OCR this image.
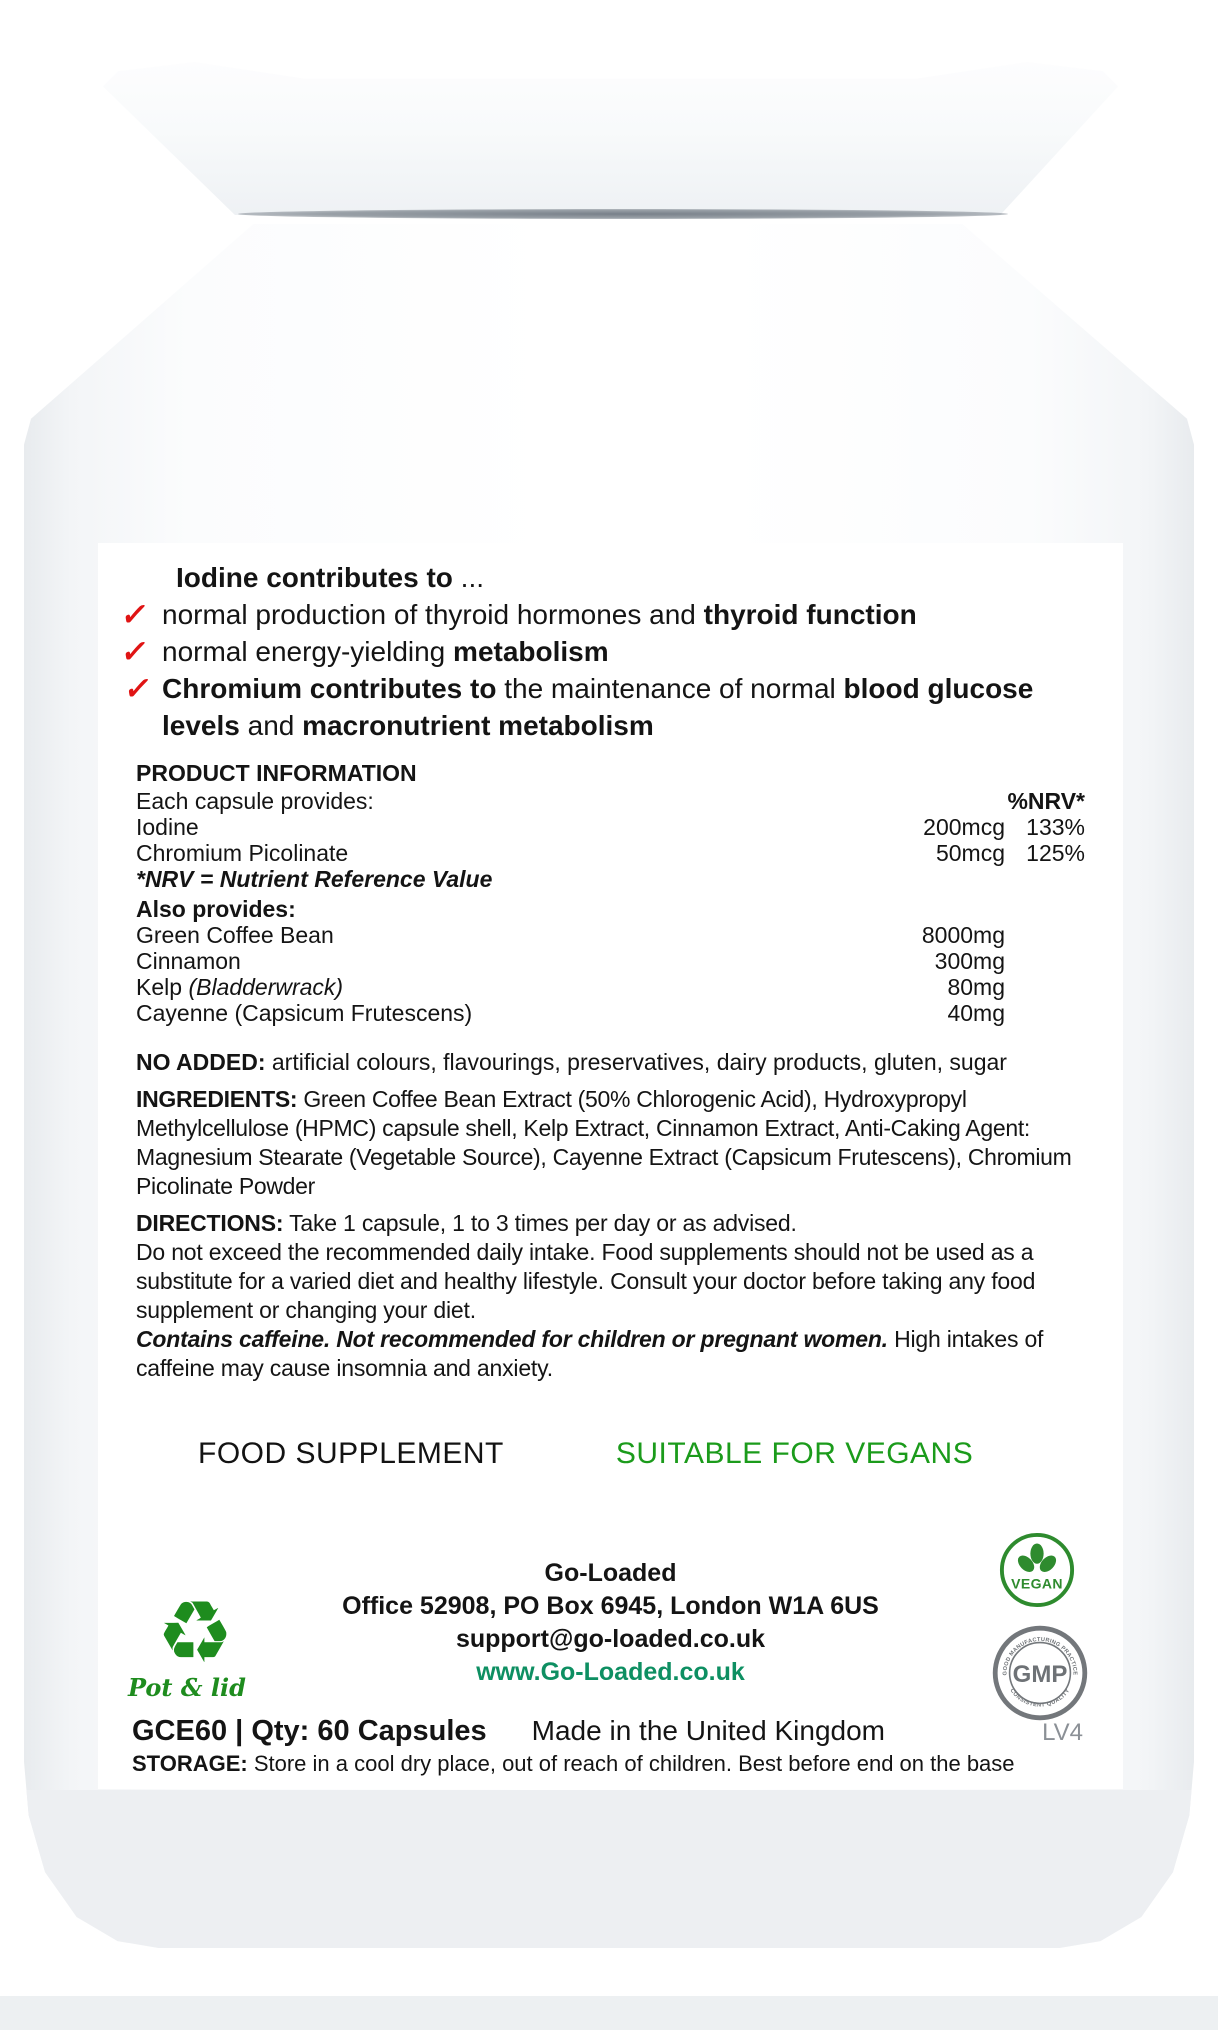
Iodine contributes to ...
✓ normal production of thyroid hormones and thyroid function
✓ normal energy-yielding metabolism
✓ Chromium contributes to the maintenance of normal blood glucose levels and macronutrient metabolism
PRODUCT INFORMATION
Each capsule provides:	%NRV*
Iodine	200mcg 133%
Chromium Picolinate	50mcg 125%
*NRV = Nutrient Reference Value
Also provides:
Green Coffee Bean	8000mg
Cinnamon	300mg
Kelp (Bladderwrack)	80mg
Cayenne (Capsicum Frutescens)	40mg
NO ADDED: artificial colours, flavourings, preservatives, dairy products, gluten, sugar
INGREDIENTS: Green Coffee Bean Extract (50% Chlorogenic Acid), Hydroxypropyl Methylcellulose (HPMC) capsule shell, Kelp Extract, Cinnamon Extract, Anti-Caking Agent: Magnesium Stearate (Vegetable Source), Cayenne Extract (Capsicum Frutescens), Chromium Picolinate Powder
DIRECTIONS: Take 1 capsule, 1 to 3 times per day or as advised.
Do not exceed the recommended daily intake. Food supplements should not be used as a substitute for a varied diet and healthy lifestyle. Consult your doctor before taking any food supplement or changing your diet.
Contains caffeine. Not recommended for children or pregnant women. High intakes of caffeine may cause insomnia and anxiety.
FOOD SUPPLEMENT	SUITABLE FOR VEGANS
Go-Loaded
Office 52908, PO Box 6945, London W1A 6US
support@go-loaded.co.uk
www.Go-Loaded.co.uk
♻
Pot & lid
VEGAN
GOOD MANUFACTURING PRACTICE
CONSISTENT QUALITY
GMP
GCE60 | Qty: 60 Capsules Made in the United Kingdom	LV4
STORAGE: Store in a cool dry place, out of reach of children. Best before end on the base
